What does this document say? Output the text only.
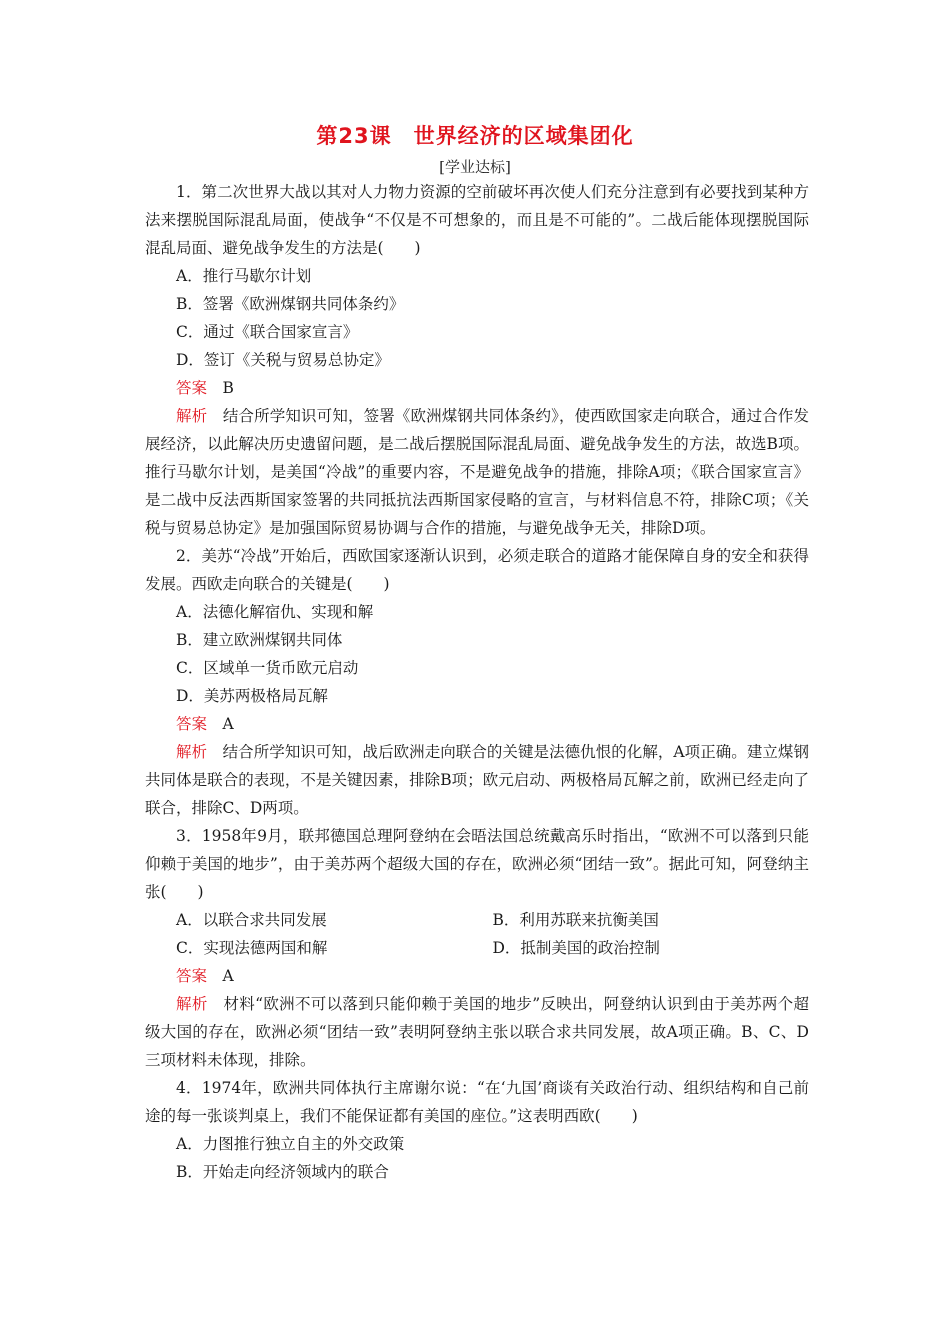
第23课　世界经济的区域集团化
[学业达标]

1．第二次世界大战以其对人力物力资源的空前破坏再次使人们充分注意到有必要找到某种方法来摆脱国际混乱局面，使战争“不仅是不可想象的，而且是不可能的”。二战后能体现摆脱国际混乱局面、避免战争发生的方法是(　　)

A．推行马歇尔计划

B．签署《欧洲煤钢共同体条约》

C．通过《联合国家宣言》

D．签订《关税与贸易总协定》

答案　 B

解析　 结合所学知识可知，签署《欧洲煤钢共同体条约》，使西欧国家走向联合，通过合作发展经济，以此解决历史遗留问题，是二战后摆脱国际混乱局面、避免战争发生的方法，故选B项。推行马歇尔计划，是美国“冷战”的重要内容，不是避免战争的措施，排除A项；《联合国家宣言》是二战中反法西斯国家签署的共同抵抗法西斯国家侵略的宣言，与材料信息不符，排除C项；《关税与贸易总协定》是加强国际贸易协调与合作的措施，与避免战争无关，排除D项。

2．美苏“冷战”开始后，西欧国家逐渐认识到，必须走联合的道路才能保障自身的安全和获得发展。西欧走向联合的关键是(　　)

A．法德化解宿仇、实现和解

B．建立欧洲煤钢共同体

C．区域单一货币欧元启动

D．美苏两极格局瓦解

答案　 A

解析　 结合所学知识可知，战后欧洲走向联合的关键是法德仇恨的化解，A项正确。建立煤钢共同体是联合的表现，不是关键因素，排除B项；欧元启动、两极格局瓦解之前，欧洲已经走向了联合，排除C、D两项。

3．1958年9月，联邦德国总理阿登纳在会晤法国总统戴高乐时指出，“欧洲不可以落到只能仰赖于美国的地步”，由于美苏两个超级大国的存在，欧洲必须“团结一致”。据此可知，阿登纳主张(　　)

A．以联合求共同发展	B．利用苏联来抗衡美国

C．实现法德两国和解	D．抵制美国的政治控制

答案　 A

解析　 材料“欧洲不可以落到只能仰赖于美国的地步”反映出，阿登纳认识到由于美苏两个超级大国的存在，欧洲必须“团结一致”表明阿登纳主张以联合求共同发展，故A项正确。B、C、D三项材料未体现，排除。

4．1974年，欧洲共同体执行主席谢尔说：“在‘九国’商谈有关政治行动、组织结构和自己前途的每一张谈判桌上，我们不能保证都有美国的座位。”这表明西欧(　　)

A．力图推行独立自主的外交政策

B．开始走向经济领域内的联合
